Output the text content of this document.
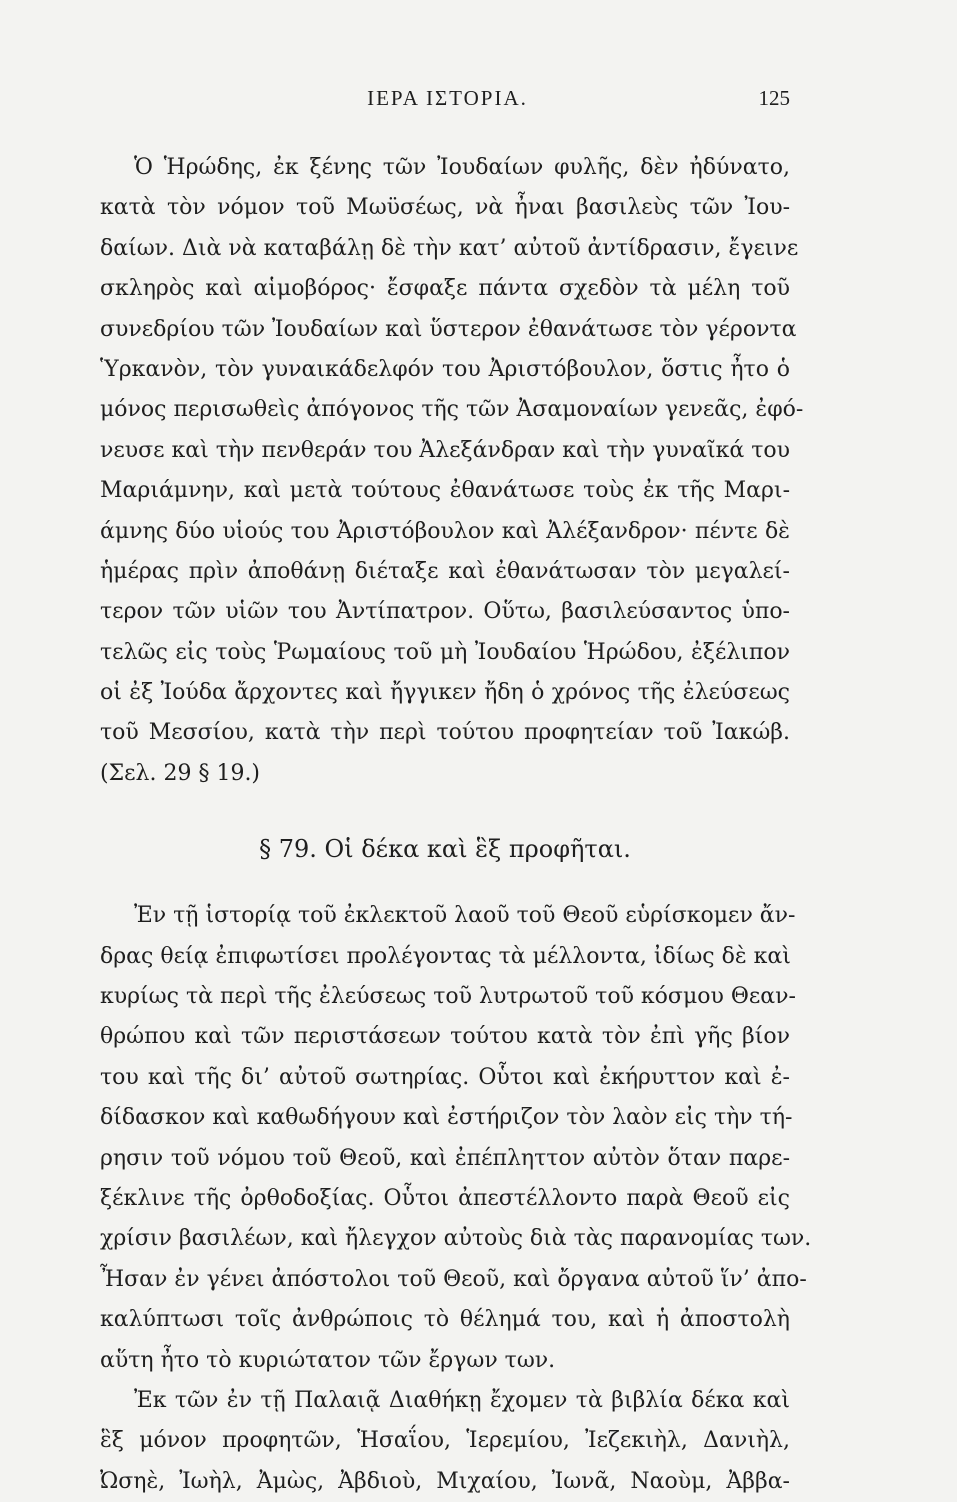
ΙΕΡΑ ΙΣΤΟΡΙΑ.	125
Ὁ Ἡρώδης, ἐκ ξένης τῶν Ἰουδαίων φυλῆς, δὲν ἠδύνατο,
κατὰ τὸν νόμον τοῦ Μωϋσέως, νὰ ἦναι βασιλεὺς τῶν Ἰου-
δαίων. Διὰ νὰ καταβάλῃ δὲ τὴν κατ’ αὐτοῦ ἀντίδρασιν, ἔγεινε
σκληρὸς καὶ αἱμοβόρος· ἔσφαξε πάντα σχεδὸν τὰ μέλη τοῦ
συνεδρίου τῶν Ἰουδαίων καὶ ὕστερον ἐθανάτωσε τὸν γέροντα
Ὑρκανὸν, τὸν γυναικάδελφόν του Ἀριστόβουλον, ὅστις ἦτο ὁ
μόνος περισωθεὶς ἀπόγονος τῆς τῶν Ἀσαμοναίων γενεᾶς, ἐφό-
νευσε καὶ τὴν πενθεράν του Ἀλεξάνδραν καὶ τὴν γυναῖκά του
Μαριάμνην, καὶ μετὰ τούτους ἐθανάτωσε τοὺς ἐκ τῆς Μαρι-
άμνης δύο υἱούς του Ἀριστόβουλον καὶ Ἀλέξανδρον· πέντε δὲ
ἡμέρας πρὶν ἀποθάνῃ διέταξε καὶ ἐθανάτωσαν τὸν μεγαλεί-
τερον τῶν υἱῶν του Ἀντίπατρον. Οὕτω, βασιλεύσαντος ὑπο-
τελῶς εἰς τοὺς Ῥωμαίους τοῦ μὴ Ἰουδαίου Ἡρώδου, ἐξέλιπον
οἱ ἐξ Ἰούδα ἄρχοντες καὶ ἤγγικεν ἤδη ὁ χρόνος τῆς ἐλεύσεως
τοῦ Μεσσίου, κατὰ τὴν περὶ τούτου προφητείαν τοῦ Ἰακώβ.
(Σελ. 29 § 19.)
§ 79. Οἱ δέκα καὶ ἓξ προφῆται.
Ἐν τῇ ἱστορίᾳ τοῦ ἐκλεκτοῦ λαοῦ τοῦ Θεοῦ εὑρίσκομεν ἄν-
δρας θείᾳ ἐπιφωτίσει προλέγοντας τὰ μέλλοντα, ἰδίως δὲ καὶ
κυρίως τὰ περὶ τῆς ἐλεύσεως τοῦ λυτρωτοῦ τοῦ κόσμου Θεαν-
θρώπου καὶ τῶν περιστάσεων τούτου κατὰ τὸν ἐπὶ γῆς βίον
του καὶ τῆς δι’ αὐτοῦ σωτηρίας. Οὗτοι καὶ ἐκήρυττον καὶ ἐ-
δίδασκον καὶ καθωδήγουν καὶ ἐστήριζον τὸν λαὸν εἰς τὴν τή-
ρησιν τοῦ νόμου τοῦ Θεοῦ, καὶ ἐπέπληττον αὐτὸν ὅταν παρε-
ξέκλινε τῆς ὀρθοδοξίας. Οὗτοι ἀπεστέλλοντο παρὰ Θεοῦ εἰς
χρίσιν βασιλέων, καὶ ἤλεγχον αὐτοὺς διὰ τὰς παρανομίας των.
Ἦσαν ἐν γένει ἀπόστολοι τοῦ Θεοῦ, καὶ ὄργανα αὐτοῦ ἵν’ ἀπο-
καλύπτωσι τοῖς ἀνθρώποις τὸ θέλημά του, καὶ ἡ ἀποστολὴ
αὕτη ἦτο τὸ κυριώτατον τῶν ἔργων των.
Ἐκ τῶν ἐν τῇ Παλαιᾷ Διαθήκῃ ἔχομεν τὰ βιβλία δέκα καὶ
ἓξ μόνον προφητῶν, Ἡσαΐου, Ἱερεμίου, Ἰεζεκιὴλ, Δανιὴλ,
Ὠσηὲ, Ἰωὴλ, Ἀμὼς, Ἀβδιοὺ, Μιχαίου, Ἰωνᾶ, Ναοὺμ, Ἀββα-
